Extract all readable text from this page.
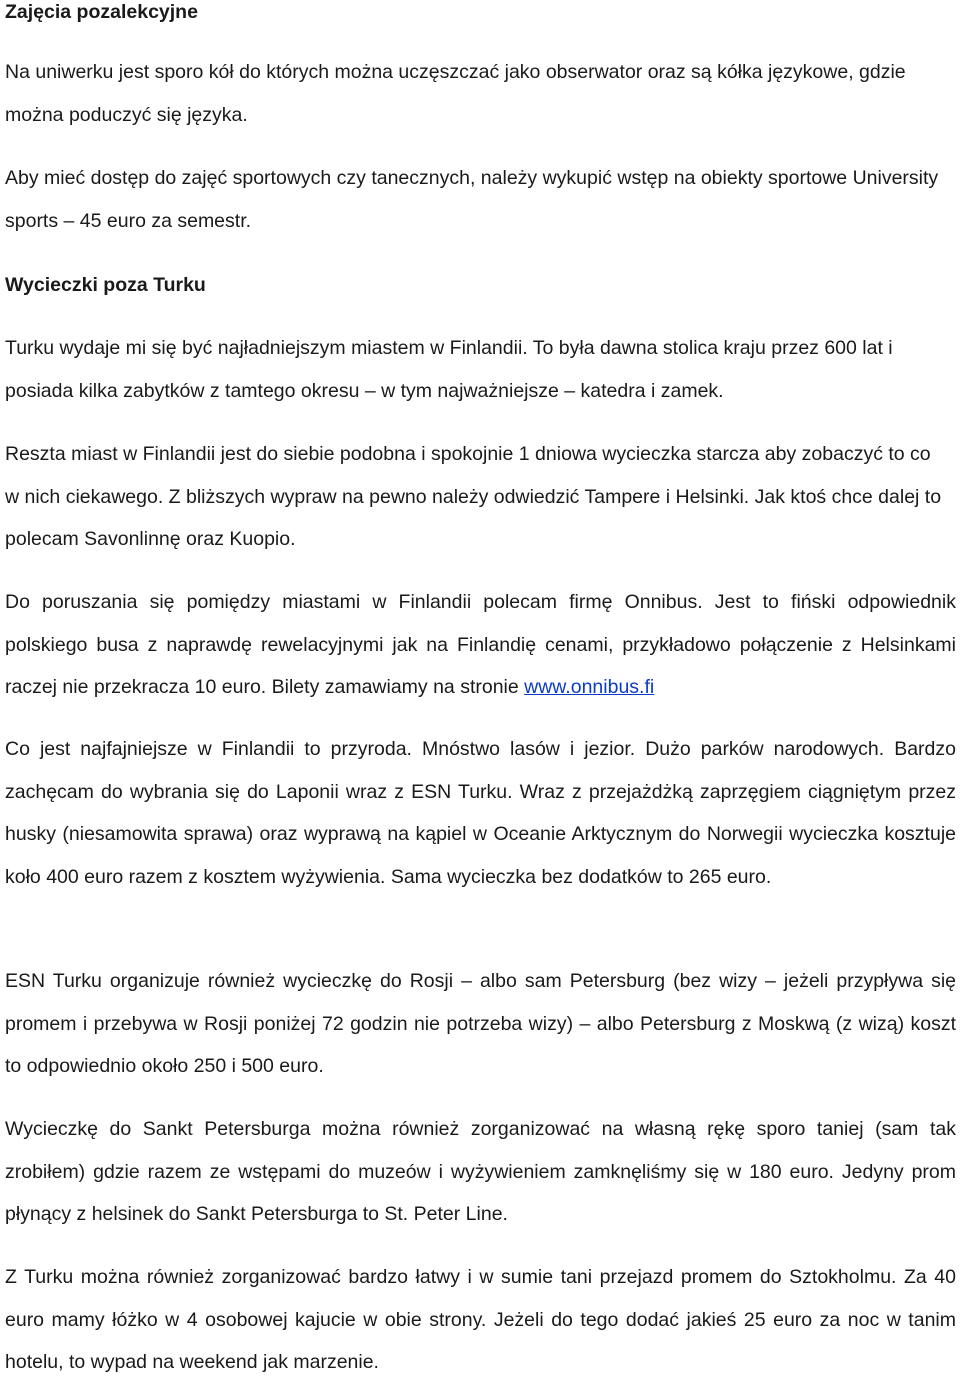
Zajęcia pozalekcyjne

Na uniwerku jest sporo kół do których można uczęszczać jako obserwator oraz są kółka językowe, gdzie można poduczyć się języka.

Aby mieć dostęp do zajęć sportowych czy tanecznych, należy wykupić wstęp na obiekty sportowe University sports – 45 euro za semestr.

Wycieczki poza Turku

Turku wydaje mi się być najładniejszym miastem w Finlandii. To była dawna stolica kraju przez 600 lat i posiada kilka zabytków z tamtego okresu – w tym najważniejsze – katedra i zamek.

Reszta miast w Finlandii jest do siebie podobna i spokojnie 1 dniowa wycieczka starcza aby zobaczyć to co w nich ciekawego. Z bliższych wypraw na pewno należy odwiedzić Tampere i Helsinki. Jak ktoś chce dalej to polecam Savonlinnę oraz Kuopio.

Do poruszania się pomiędzy miastami w Finlandii polecam firmę Onnibus. Jest to fiński odpowiednik polskiego busa z naprawdę rewelacyjnymi jak na Finlandię cenami, przykładowo połączenie z Helsinkami raczej nie przekracza 10 euro. Bilety zamawiamy na stronie www.onnibus.fi

Co jest najfajniejsze w Finlandii to przyroda. Mnóstwo lasów i jezior. Dużo parków narodowych. Bardzo zachęcam do wybrania się do Laponii wraz z ESN Turku. Wraz z przejażdżką zaprzęgiem ciągniętym przez husky (niesamowita sprawa) oraz wyprawą na kąpiel w Oceanie Arktycznym do Norwegii wycieczka kosztuje koło 400 euro razem z kosztem wyżywienia. Sama wycieczka bez dodatków to 265 euro.

ESN Turku organizuje również wycieczkę do Rosji – albo sam Petersburg (bez wizy – jeżeli przypływa się promem i przebywa w Rosji poniżej 72 godzin nie potrzeba wizy) – albo Petersburg z Moskwą (z wizą) koszt to odpowiednio około 250 i 500 euro.

Wycieczkę do Sankt Petersburga można również zorganizować na własną rękę sporo taniej (sam tak zrobiłem) gdzie razem ze wstępami do muzeów i wyżywieniem zamknęliśmy się w 180 euro. Jedyny prom płynący z helsinek do Sankt Petersburga to St. Peter Line.

Z Turku można również zorganizować bardzo łatwy i w sumie tani przejazd promem do Sztokholmu. Za 40 euro mamy łóżko w 4 osobowej kajucie w obie strony. Jeżeli do tego dodać jakieś 25 euro za noc w tanim hotelu, to wypad na weekend jak marzenie.
